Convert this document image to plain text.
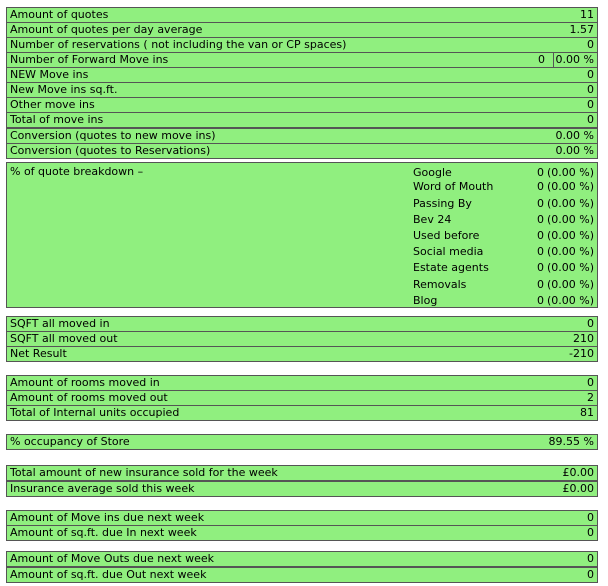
Amount of quotes	11
Amount of quotes per day average	1.57
Number of reservations ( not including the van or CP spaces)	0
Number of Forward Move ins	0 0.00 %
NEW Move ins	0
New Move ins sq.ft.	0
Other move ins	0
Total of move ins	0
Conversion (quotes to new move ins)	0.00 %
Conversion (quotes to Reservations)	0.00 %
% of quote breakdown –	Google	0 (0.00 %)
Word of Mouth	0 (0.00 %)
Passing By	0 (0.00 %)
Bev 24	0 (0.00 %)
Used before	0 (0.00 %)
Social media	0 (0.00 %)
Estate agents	0 (0.00 %)
Removals	0 (0.00 %)
Blog	0 (0.00 %)
SQFT all moved in	0
SQFT all moved out	210
Net Result	-210
Amount of rooms moved in	0
Amount of rooms moved out	2
Total of Internal units occupied	81
% occupancy of Store	89.55 %
Total amount of new insurance sold for the week	£0.00
Insurance average sold this week	£0.00
Amount of Move ins due next week	0
Amount of sq.ft. due In next week	0
Amount of Move Outs due next week	0
Amount of sq.ft. due Out next week	0
